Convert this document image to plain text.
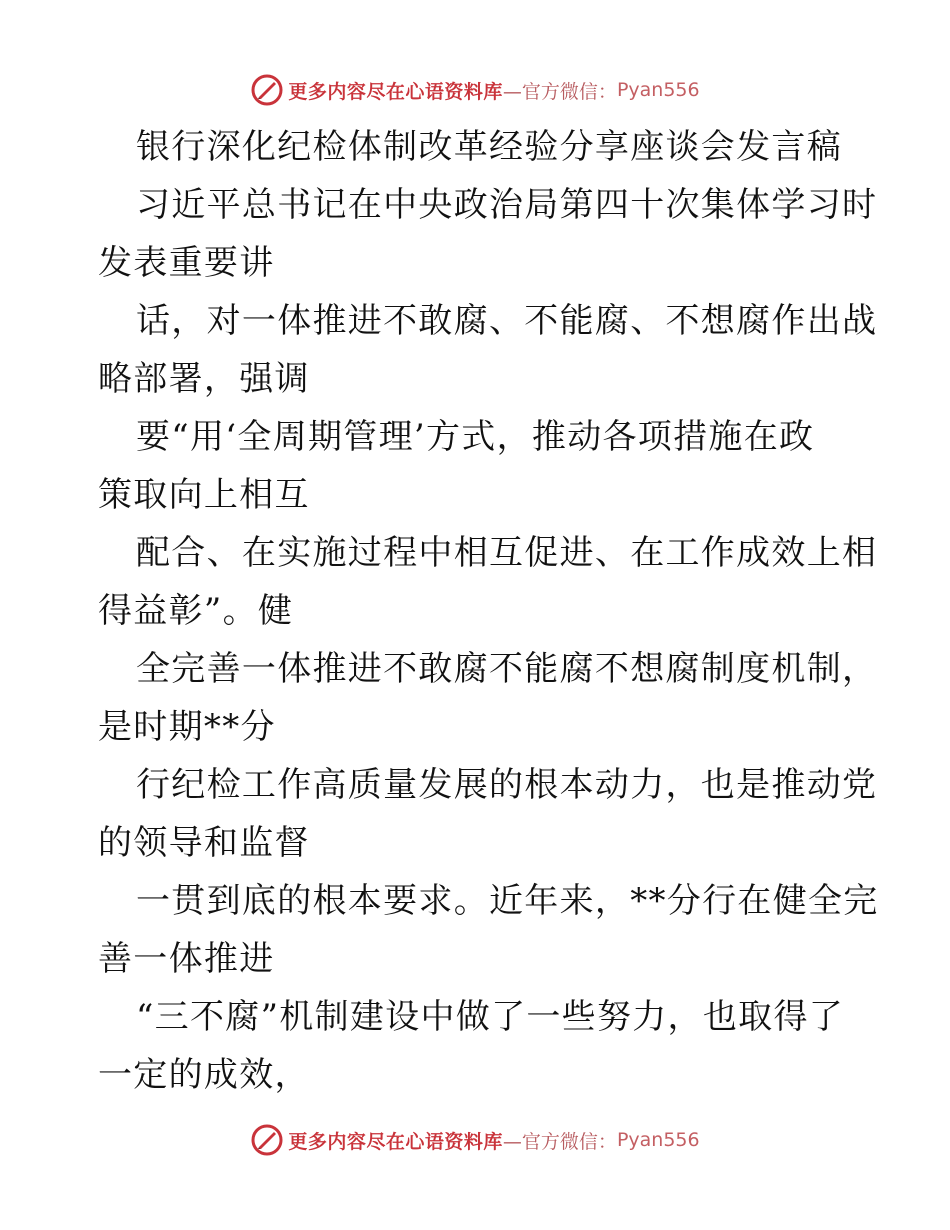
更多内容尽在心语资料库 —官方微信： Pyan556
银行深化纪检体制改革经验分享座谈会发言稿
习近平总书记在中央政治局第四十次集体学习时
发表重要讲
话，对一体推进不敢腐、不能腐、不想腐作出战
略部署，强调
要“用‘全周期管理’方式，推动各项措施在政
策取向上相互
配合、在实施过程中相互促进、在工作成效上相
得益彰”。健
全完善一体推进不敢腐不能腐不想腐制度机制，
是时期**分
行纪检工作高质量发展的根本动力，也是推动党
的领导和监督
一贯到底的根本要求。近年来，**分行在健全完
善一体推进
“三不腐”机制建设中做了一些努力，也取得了
一定的成效，
更多内容尽在心语资料库 —官方微信： Pyan556
